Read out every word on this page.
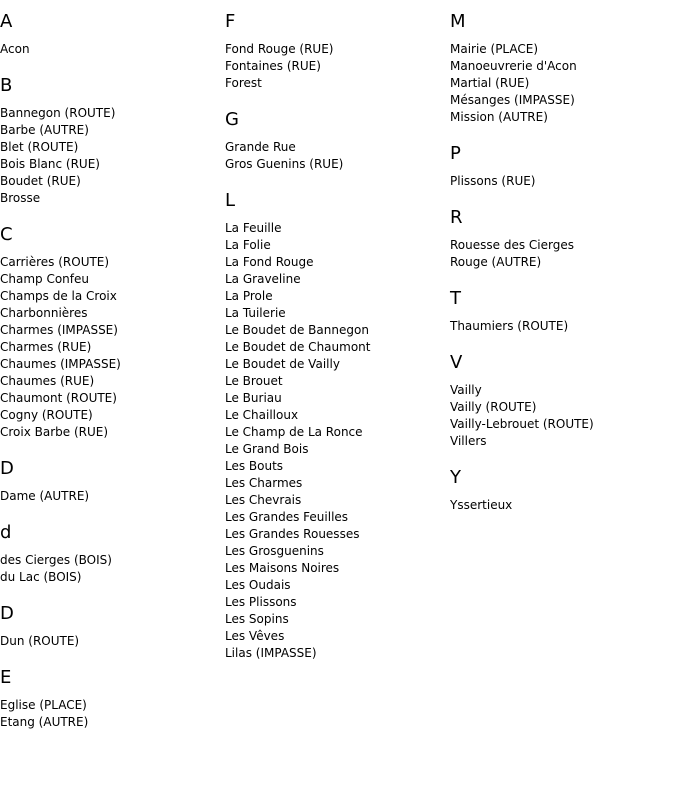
A
Acon
B
Bannegon (ROUTE)
Barbe (AUTRE)
Blet (ROUTE)
Bois Blanc (RUE)
Boudet (RUE)
Brosse
C
Carrières (ROUTE)
Champ Confeu
Champs de la Croix
Charbonnières
Charmes (IMPASSE)
Charmes (RUE)
Chaumes (IMPASSE)
Chaumes (RUE)
Chaumont (ROUTE)
Cogny (ROUTE)
Croix Barbe (RUE)
D
Dame (AUTRE)
d
des Cierges (BOIS)
du Lac (BOIS)
D
Dun (ROUTE)
E
Eglise (PLACE)
Etang (AUTRE)
F
Fond Rouge (RUE)
Fontaines (RUE)
Forest
G
Grande Rue
Gros Guenins (RUE)
L
La Feuille
La Folie
La Fond Rouge
La Graveline
La Prole
La Tuilerie
Le Boudet de Bannegon
Le Boudet de Chaumont
Le Boudet de Vailly
Le Brouet
Le Buriau
Le Chailloux
Le Champ de La Ronce
Le Grand Bois
Les Bouts
Les Charmes
Les Chevrais
Les Grandes Feuilles
Les Grandes Rouesses
Les Grosguenins
Les Maisons Noires
Les Oudais
Les Plissons
Les Sopins
Les Vêves
Lilas (IMPASSE)
M
Mairie (PLACE)
Manoeuvrerie d'Acon
Martial (RUE)
Mésanges (IMPASSE)
Mission (AUTRE)
P
Plissons (RUE)
R
Rouesse des Cierges
Rouge (AUTRE)
T
Thaumiers (ROUTE)
V
Vailly
Vailly (ROUTE)
Vailly-Lebrouet (ROUTE)
Villers
Y
Yssertieux
